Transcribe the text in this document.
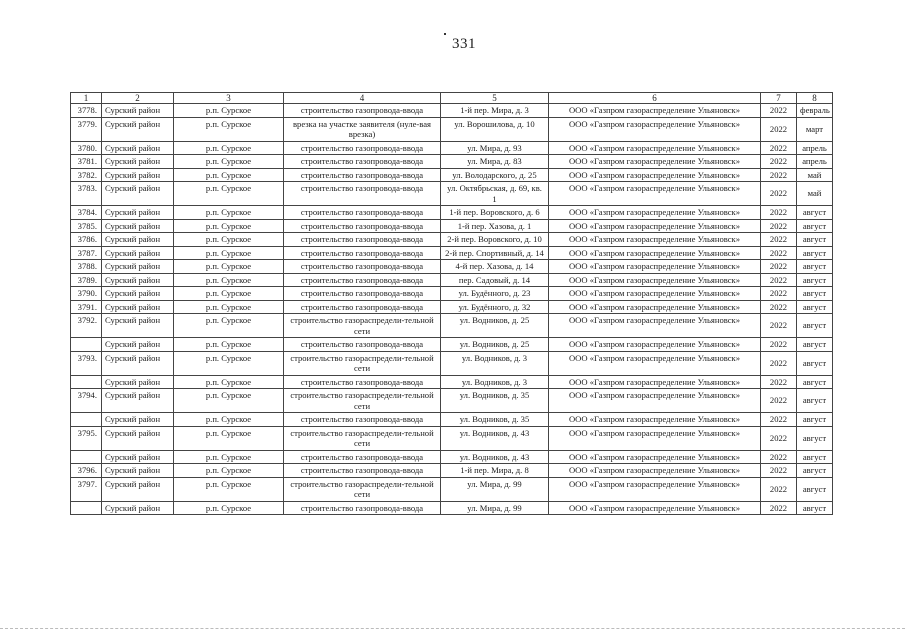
331
1	2	3	4	5	6	7	8
3778.	Сурский район	р.п. Сурское	строительство газопровода-ввода	1-й пер. Мира, д. 3	ООО «Газпром газораспределение Ульяновск»	2022	февраль
3779.	Сурский район	р.п. Сурское	врезка на участке заявителя (нуле-вая врезка)	ул. Ворошилова, д. 10	ООО «Газпром газораспределение Ульяновск»	2022	март
3780.	Сурский район	р.п. Сурское	строительство газопровода-ввода	ул. Мира, д. 93	ООО «Газпром газораспределение Ульяновск»	2022	апрель
3781.	Сурский район	р.п. Сурское	строительство газопровода-ввода	ул. Мира, д. 83	ООО «Газпром газораспределение Ульяновск»	2022	апрель
3782.	Сурский район	р.п. Сурское	строительство газопровода-ввода	ул. Володарского, д. 25	ООО «Газпром газораспределение Ульяновск»	2022	май
3783.	Сурский район	р.п. Сурское	строительство газопровода-ввода	ул. Октябрьская, д. 69, кв. 1	ООО «Газпром газораспределение Ульяновск»	2022	май
3784.	Сурский район	р.п. Сурское	строительство газопровода-ввода	1-й пер. Воровского, д. 6	ООО «Газпром газораспределение Ульяновск»	2022	август
3785.	Сурский район	р.п. Сурское	строительство газопровода-ввода	1-й пер. Хазова, д. 1	ООО «Газпром газораспределение Ульяновск»	2022	август
3786.	Сурский район	р.п. Сурское	строительство газопровода-ввода	2-й пер. Воровского, д. 10	ООО «Газпром газораспределение Ульяновск»	2022	август
3787.	Сурский район	р.п. Сурское	строительство газопровода-ввода	2-й пер. Спортивный, д. 14	ООО «Газпром газораспределение Ульяновск»	2022	август
3788.	Сурский район	р.п. Сурское	строительство газопровода-ввода	4-й пер. Хазова, д. 14	ООО «Газпром газораспределение Ульяновск»	2022	август
3789.	Сурский район	р.п. Сурское	строительство газопровода-ввода	пер. Садовый, д. 14	ООО «Газпром газораспределение Ульяновск»	2022	август
3790.	Сурский район	р.п. Сурское	строительство газопровода-ввода	ул. Будённого, д. 23	ООО «Газпром газораспределение Ульяновск»	2022	август
3791.	Сурский район	р.п. Сурское	строительство газопровода-ввода	ул. Будённого, д. 32	ООО «Газпром газораспределение Ульяновск»	2022	август
3792.	Сурский район	р.п. Сурское	строительство газораспредели-тельной сети	ул. Водников, д. 25	ООО «Газпром газораспределение Ульяновск»	2022	август
	Сурский район	р.п. Сурское	строительство газопровода-ввода	ул. Водников, д. 25	ООО «Газпром газораспределение Ульяновск»	2022	август
3793.	Сурский район	р.п. Сурское	строительство газораспредели-тельной сети	ул. Водников, д. 3	ООО «Газпром газораспределение Ульяновск»	2022	август
	Сурский район	р.п. Сурское	строительство газопровода-ввода	ул. Водников, д. 3	ООО «Газпром газораспределение Ульяновск»	2022	август
3794.	Сурский район	р.п. Сурское	строительство газораспредели-тельной сети	ул. Водников, д. 35	ООО «Газпром газораспределение Ульяновск»	2022	август
	Сурский район	р.п. Сурское	строительство газопровода-ввода	ул. Водников, д. 35	ООО «Газпром газораспределение Ульяновск»	2022	август
3795.	Сурский район	р.п. Сурское	строительство газораспредели-тельной сети	ул. Водников, д. 43	ООО «Газпром газораспределение Ульяновск»	2022	август
	Сурский район	р.п. Сурское	строительство газопровода-ввода	ул. Водников, д. 43	ООО «Газпром газораспределение Ульяновск»	2022	август
3796.	Сурский район	р.п. Сурское	строительство газопровода-ввода	1-й пер. Мира, д. 8	ООО «Газпром газораспределение Ульяновск»	2022	август
3797.	Сурский район	р.п. Сурское	строительство газораспредели-тельной сети	ул. Мира, д. 99	ООО «Газпром газораспределение Ульяновск»	2022	август
	Сурский район	р.п. Сурское	строительство газопровода-ввода	ул. Мира, д. 99	ООО «Газпром газораспределение Ульяновск»	2022	август
